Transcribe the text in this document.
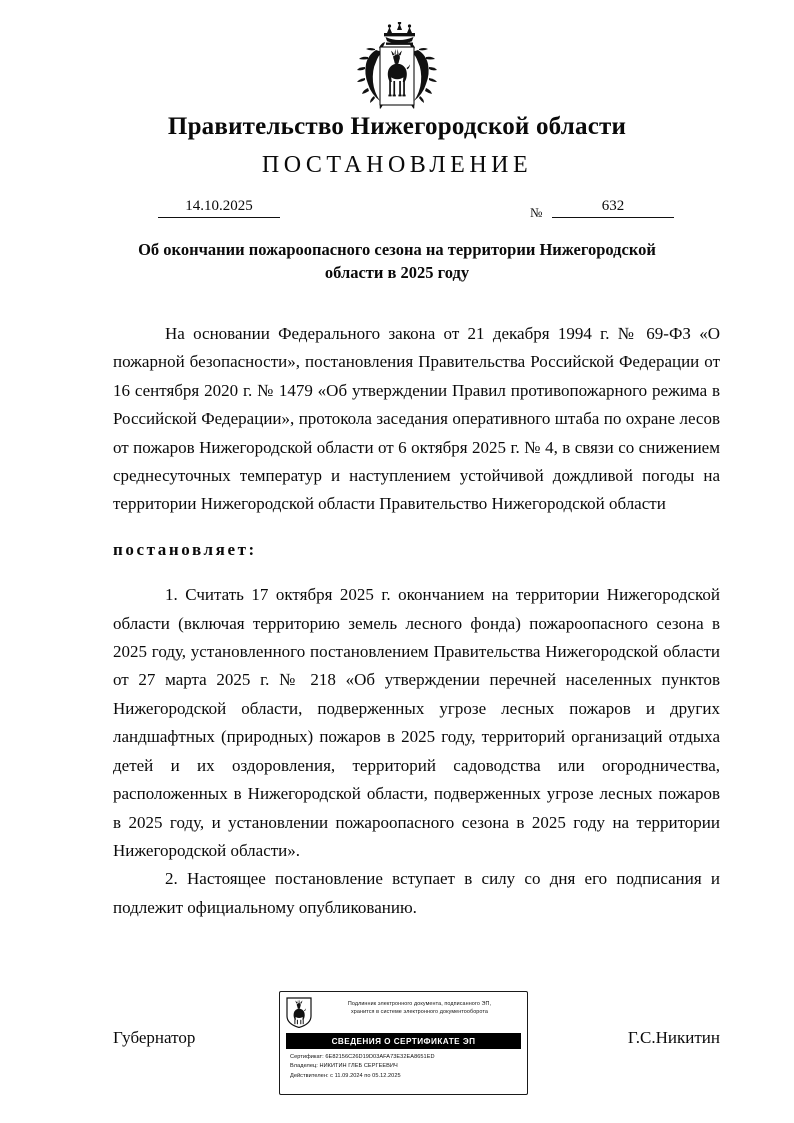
Правительство Нижегородской области
ПОСТАНОВЛЕНИЕ
14.10.2025	№	632
Об окончании пожароопасного сезона на территории Нижегородской области в 2025 году

На основании Федерального закона от 21 декабря 1994 г. № 69-ФЗ «О пожарной безопасности», постановления Правительства Российской Федерации от 16 сентября 2020 г. № 1479 «Об утверждении Правил противопожарного режима в Российской Федерации», протокола заседания оперативного штаба по охране лесов от пожаров Нижегородской области от 6 октября 2025 г. № 4, в связи со снижением среднесуточных температур и наступлением устойчивой дождливой погоды на территории Нижегородской области Правительство Нижегородской области

постановляет:

1. Считать 17 октября 2025 г. окончанием на территории Нижегородской области (включая территорию земель лесного фонда) пожароопасного сезона в 2025 году, установленного постановлением Правительства Нижегородской области от 27 марта 2025 г. № 218 «Об утверждении перечней населенных пунктов Нижегородской области, подверженных угрозе лесных пожаров и других ландшафтных (природных) пожаров в 2025 году, территорий организаций отдыха детей и их оздоровления, территорий садоводства или огородничества, расположенных в Нижегородской области, подверженных угрозе лесных пожаров в 2025 году, и установлении пожароопасного сезона в 2025 году на территории Нижегородской области».

2. Настоящее постановление вступает в силу со дня его подписания и подлежит официальному опубликованию.

Губернатор	Г.С.Никитин
Подлинник электронного документа, подписанного ЭП,
хранится в системе электронного документооборота
СВЕДЕНИЯ О СЕРТИФИКАТЕ ЭП
Сертификат: 6E82156C26D19D03AFA73E32EA8651ED
Владелец: НИКИТИН ГЛЕБ СЕРГЕЕВИЧ
Действителен: с 11.09.2024 по 05.12.2025
